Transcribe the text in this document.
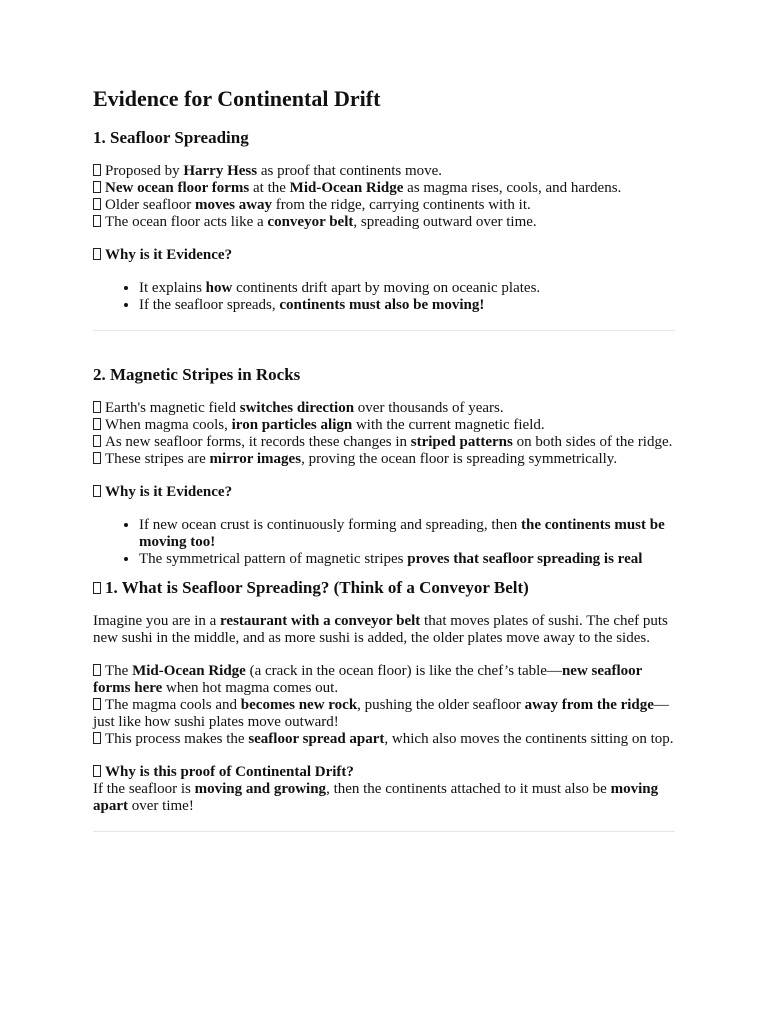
Evidence for Continental Drift
1. Seafloor Spreading

Proposed by Harry Hess as proof that continents move.
New ocean floor forms at the Mid-Ocean Ridge as magma rises, cools, and hardens.
Older seafloor moves away from the ridge, carrying continents with it.
The ocean floor acts like a conveyor belt, spreading outward over time.

Why is it Evidence?

• It explains how continents drift apart by moving on oceanic plates.
• If the seafloor spreads, continents must also be moving!
2. Magnetic Stripes in Rocks

Earth's magnetic field switches direction over thousands of years.
When magma cools, iron particles align with the current magnetic field.
As new seafloor forms, it records these changes in striped patterns on both sides of the ridge.
These stripes are mirror images, proving the ocean floor is spreading symmetrically.

Why is it Evidence?

• If new ocean crust is continuously forming and spreading, then the continents must be moving too!
• The symmetrical pattern of magnetic stripes proves that seafloor spreading is real
1. What is Seafloor Spreading? (Think of a Conveyor Belt)

Imagine you are in a restaurant with a conveyor belt that moves plates of sushi. The chef puts new sushi in the middle, and as more sushi is added, the older plates move away to the sides.

The Mid-Ocean Ridge (a crack in the ocean floor) is like the chef’s table—new seafloor forms here when hot magma comes out.
The magma cools and becomes new rock, pushing the older seafloor away from the ridge—just like how sushi plates move outward!
This process makes the seafloor spread apart, which also moves the continents sitting on top.

Why is this proof of Continental Drift?
If the seafloor is moving and growing, then the continents attached to it must also be moving apart over time!
